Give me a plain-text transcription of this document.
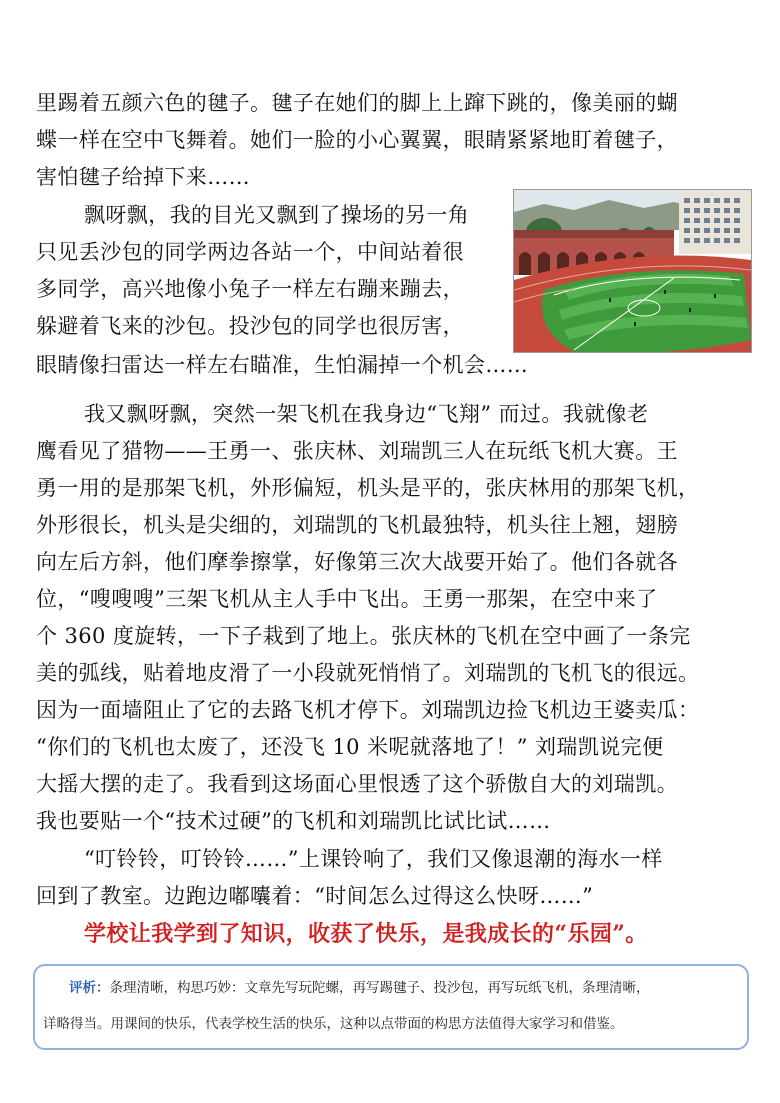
里踢着五颜六色的毽子。毽子在她们的脚上上蹿下跳的，像美丽的蝴
蝶一样在空中飞舞着。她们一脸的小心翼翼，眼睛紧紧地盯着毽子，
害怕毽子给掉下来……
飘呀飘，我的目光又飘到了操场的另一角
只见丢沙包的同学两边各站一个，中间站着很
多同学，高兴地像小兔子一样左右蹦来蹦去，
躲避着飞来的沙包。投沙包的同学也很厉害，
眼睛像扫雷达一样左右瞄准，生怕漏掉一个机会……
我又飘呀飘，突然一架飞机在我身边“飞翔” 而过。我就像老
鹰看见了猎物——王勇一、张庆林、刘瑞凯三人在玩纸飞机大赛。王
勇一用的是那架飞机，外形偏短，机头是平的，张庆林用的那架飞机，
外形很长，机头是尖细的，刘瑞凯的飞机最独特，机头往上翘，翅膀
向左后方斜，他们摩拳擦掌，好像第三次大战要开始了。他们各就各
位，“嗖嗖嗖”三架飞机从主人手中飞出。王勇一那架，在空中来了
个 360 度旋转，一下子栽到了地上。张庆林的飞机在空中画了一条完
美的弧线，贴着地皮滑了一小段就死悄悄了。刘瑞凯的飞机飞的很远。
因为一面墙阻止了它的去路飞机才停下。刘瑞凯边捡飞机边王婆卖瓜：
“你们的飞机也太废了，还没飞 10 米呢就落地了！” 刘瑞凯说完便
大摇大摆的走了。我看到这场面心里恨透了这个骄傲自大的刘瑞凯。
我也要贴一个“技术过硬”的飞机和刘瑞凯比试比试……
“叮铃铃，叮铃铃……”上课铃响了，我们又像退潮的海水一样
回到了教室。边跑边嘟囔着：“时间怎么过得这么快呀……”
学校让我学到了知识，收获了快乐，是我成长的“乐园”。
评析：条理清晰，构思巧妙：文章先写玩陀螺，再写踢毽子、投沙包，再写玩纸飞机，条理清晰，
详略得当。用课间的快乐，代表学校生活的快乐，这种以点带面的构思方法值得大家学习和借鉴。
